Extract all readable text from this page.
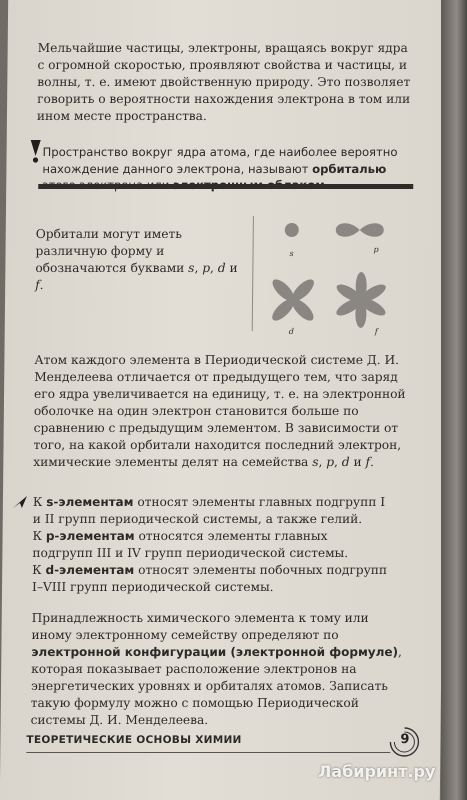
Мельчайшие частицы, электроны, вращаясь вокруг ядра с огромной скоростью, проявляют свойства и частицы, и волны, т. е. имеют двойственную природу. Это позволяет говорить о вероятности нахождения электрона в том или ином месте пространства.

Пространство вокруг ядра атома, где наиболее вероятно нахождение данного электрона, называют орбиталью

Орбитали могут иметь различную форму и обозначаются буквами s, p, d и f.

s	p
d	f

Атом каждого элемента в Периодической системе Д. И. Менделеева отличается от предыдущего тем, что заряд его ядра увеличивается на единицу, т. е. на электронной оболочке на один электрон становится больше по сравнению с предыдущим элементом. В зависимости от того, на какой орбитали находится последний электрон, химические элементы делят на семейства s, p, d и f.

К s-элементам относят элементы главных подгрупп I и II групп периодической системы, а также гелий.

К p-элементам относятся элементы главных подгрупп III и IV групп периодической системы.

К d-элементам относят элементы побочных подгрупп I–VIII групп периодической системы.

Принадлежность химического элемента к тому или иному электронному семейству определяют по электронной конфигурации (электронной формуле), которая показывает расположение электронов на энергетических уровнях и орбиталях атомов. Записать такую формулу можно с помощью Периодической системы Д. И. Менделеева.

ТЕОРЕТИЧЕСКИЕ ОСНОВЫ ХИМИИ	9
Лабиринт.ру
